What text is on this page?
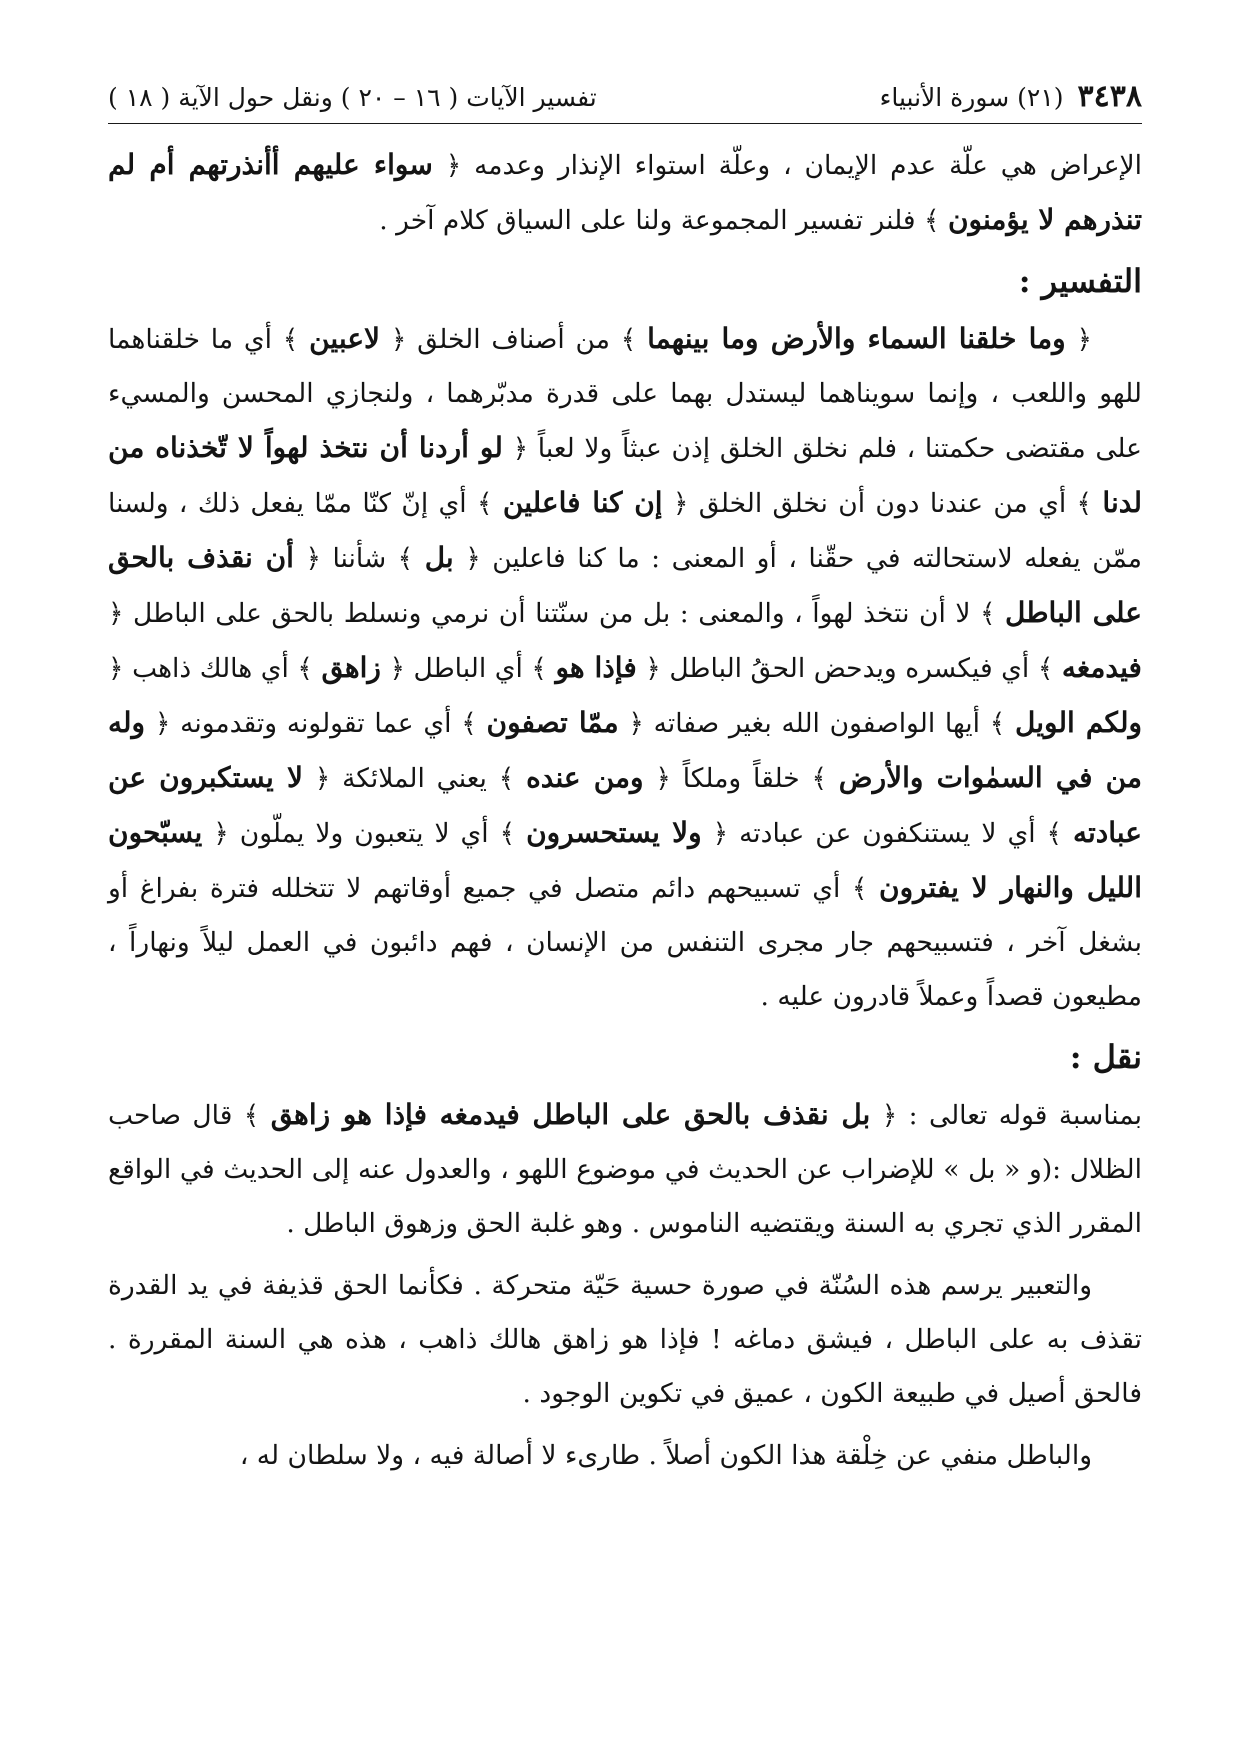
٣٤٣٨
(٢١) سورة الأنبياء
تفسير الآيات ( ١٦ – ٢٠ ) ونقل حول الآية ( ١٨ )

الإعراض هي علّة عدم الإيمان ، وعلّة استواء الإنذار وعدمه ﴿ سواء عليهم أأنذرتهم أم لم تنذرهم لا يؤمنون ﴾ فلنر تفسير المجموعة ولنا على السياق كلام آخر .

التفسير :

﴿ وما خلقنا السماء والأرض وما بينهما ﴾ من أصناف الخلق ﴿ لاعبين ﴾ أي ما خلقناهما للهو واللعب ، وإنما سويناهما ليستدل بهما على قدرة مدبّرهما ، ولنجازي المحسن والمسيء على مقتضى حكمتنا ، فلم نخلق الخلق إذن عبثاً ولا لعباً ﴿ لو أردنا أن نتخذ لهواً لا تّخذناه من لدنا ﴾ أي من عندنا دون أن نخلق الخلق ﴿ إن كنا فاعلين ﴾ أي إنّ كنّا ممّا يفعل ذلك ، ولسنا ممّن يفعله لاستحالته في حقّنا ، أو المعنى : ما كنا فاعلين ﴿ بل ﴾ شأننا ﴿ أن نقذف بالحق على الباطل ﴾ لا أن نتخذ لهواً ، والمعنى : بل من سنّتنا أن نرمي ونسلط بالحق على الباطل ﴿ فيدمغه ﴾ أي فيكسره ويدحض الحقُ الباطل ﴿ فإذا هو ﴾ أي الباطل ﴿ زاهق ﴾ أي هالك ذاهب ﴿ ولكم الويل ﴾ أيها الواصفون الله بغير صفاته ﴿ ممّا تصفون ﴾ أي عما تقولونه وتقدمونه ﴿ وله من في السمٰوات والأرض ﴾ خلقاً وملكاً ﴿ ومن عنده ﴾ يعني الملائكة ﴿ لا يستكبرون عن عبادته ﴾ أي لا يستنكفون عن عبادته ﴿ ولا يستحسرون ﴾ أي لا يتعبون ولا يملّون ﴿ يسبّحون الليل والنهار لا يفترون ﴾ أي تسبيحهم دائم متصل في جميع أوقاتهم لا تتخلله فترة بفراغ أو بشغل آخر ، فتسبيحهم جار مجرى التنفس من الإنسان ، فهم دائبون في العمل ليلاً ونهاراً ، مطيعون قصداً وعملاً قادرون عليه .

نقل :

بمناسبة قوله تعالى : ﴿ بل نقذف بالحق على الباطل فيدمغه فإذا هو زاهق ﴾ قال صاحب الظلال :(و « بل » للإضراب عن الحديث في موضوع اللهو ، والعدول عنه إلى الحديث في الواقع المقرر الذي تجري به السنة ويقتضيه الناموس . وهو غلبة الحق وزهوق الباطل .

والتعبير يرسم هذه السُنّة في صورة حسية حَيّة متحركة . فكأنما الحق قذيفة في يد القدرة تقذف به على الباطل ، فيشق دماغه ! فإذا هو زاهق هالك ذاهب ، هذه هي السنة المقررة . فالحق أصيل في طبيعة الكون ، عميق في تكوين الوجود .

والباطل منفي عن خِلْقة هذا الكون أصلاً . طارىء لا أصالة فيه ، ولا سلطان له ،
